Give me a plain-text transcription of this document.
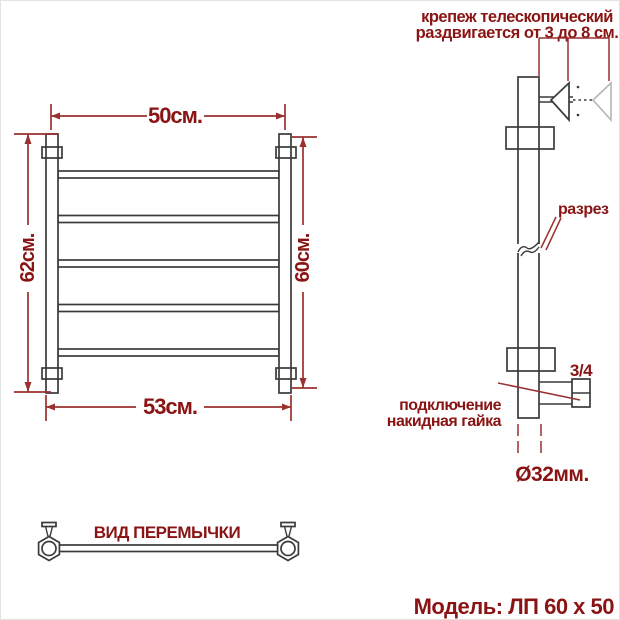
50см.
62см.	60см.
53см.
крепеж телескопический
раздвигается от 3 до 8 см.
разрез
3/4
подключение
накидная гайка
Ø32мм.
ВИД ПЕРЕМЫЧКИ
Модель: ЛП 60 х 50
